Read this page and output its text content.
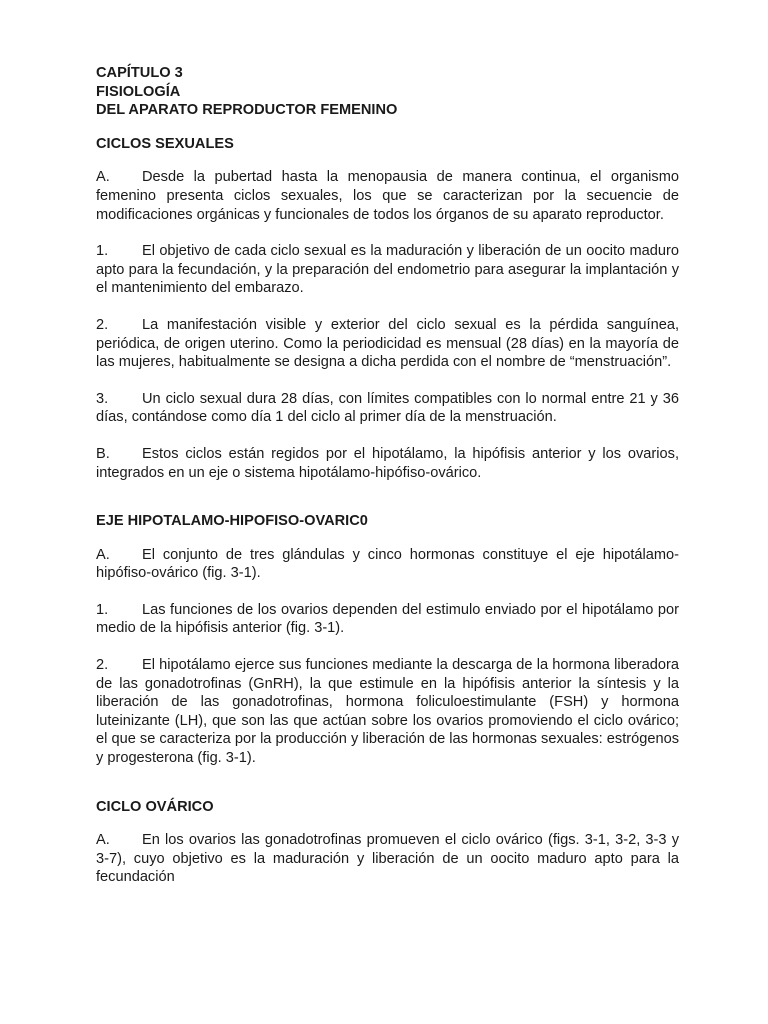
CAPÍTULO 3
FISIOLOGÍA
DEL APARATO REPRODUCTOR FEMENINO
CICLOS SEXUALES

A. Desde la pubertad hasta la menopausia de manera continua, el organismo femenino presenta ciclos sexuales, los que se caracterizan por la secuencie de modificaciones orgánicas y funcionales de todos los órganos de su aparato reproductor.

1. El objetivo de cada ciclo sexual es la maduración y liberación de un oocito maduro apto para la fecundación, y la preparación del endometrio para asegurar la implantación y el mantenimiento del embarazo.

2. La manifestación visible y exterior del ciclo sexual es la pérdida sanguínea, periódica, de origen uterino. Como la periodicidad es mensual (28 días) en la mayoría de las mujeres, habitualmente se designa a dicha perdida con el nombre de “menstruación”.

3. Un ciclo sexual dura 28 días, con límites compatibles con lo normal entre 21 y 36 días, contándose como día 1 del ciclo al primer día de la menstruación.

B. Estos ciclos están regidos por el hipotálamo, la hipófisis anterior y los ovarios, integrados en un eje o sistema hipotálamo-hipófiso-ovárico.

EJE HIPOTALAMO-HIPOFISO-OVARIC0

A. El conjunto de tres glándulas y cinco hormonas constituye el eje hipotálamo-hipófiso-ovárico (fig. 3-1).

1. Las funciones de los ovarios dependen del estimulo enviado por el hipotálamo por medio de la hipófisis anterior (fig. 3-1).

2. El hipotálamo ejerce sus funciones mediante la descarga de la hormona liberadora de las gonadotrofinas (GnRH), la que estimule en la hipófisis anterior la síntesis y la liberación de las gonadotrofinas, hormona foliculoestimulante (FSH) y hormona luteinizante (LH), que son las que actúan sobre los ovarios promoviendo el ciclo ovárico; el que se caracteriza por la producción y liberación de las hormonas sexuales: estrógenos y progesterona (fig. 3-1).

CICLO OVÁRICO

A. En los ovarios las gonadotrofinas promueven el ciclo ovárico (figs. 3-1, 3-2, 3-3 y 3-7), cuyo objetivo es la maduración y liberación de un oocito maduro apto para la fecundación
